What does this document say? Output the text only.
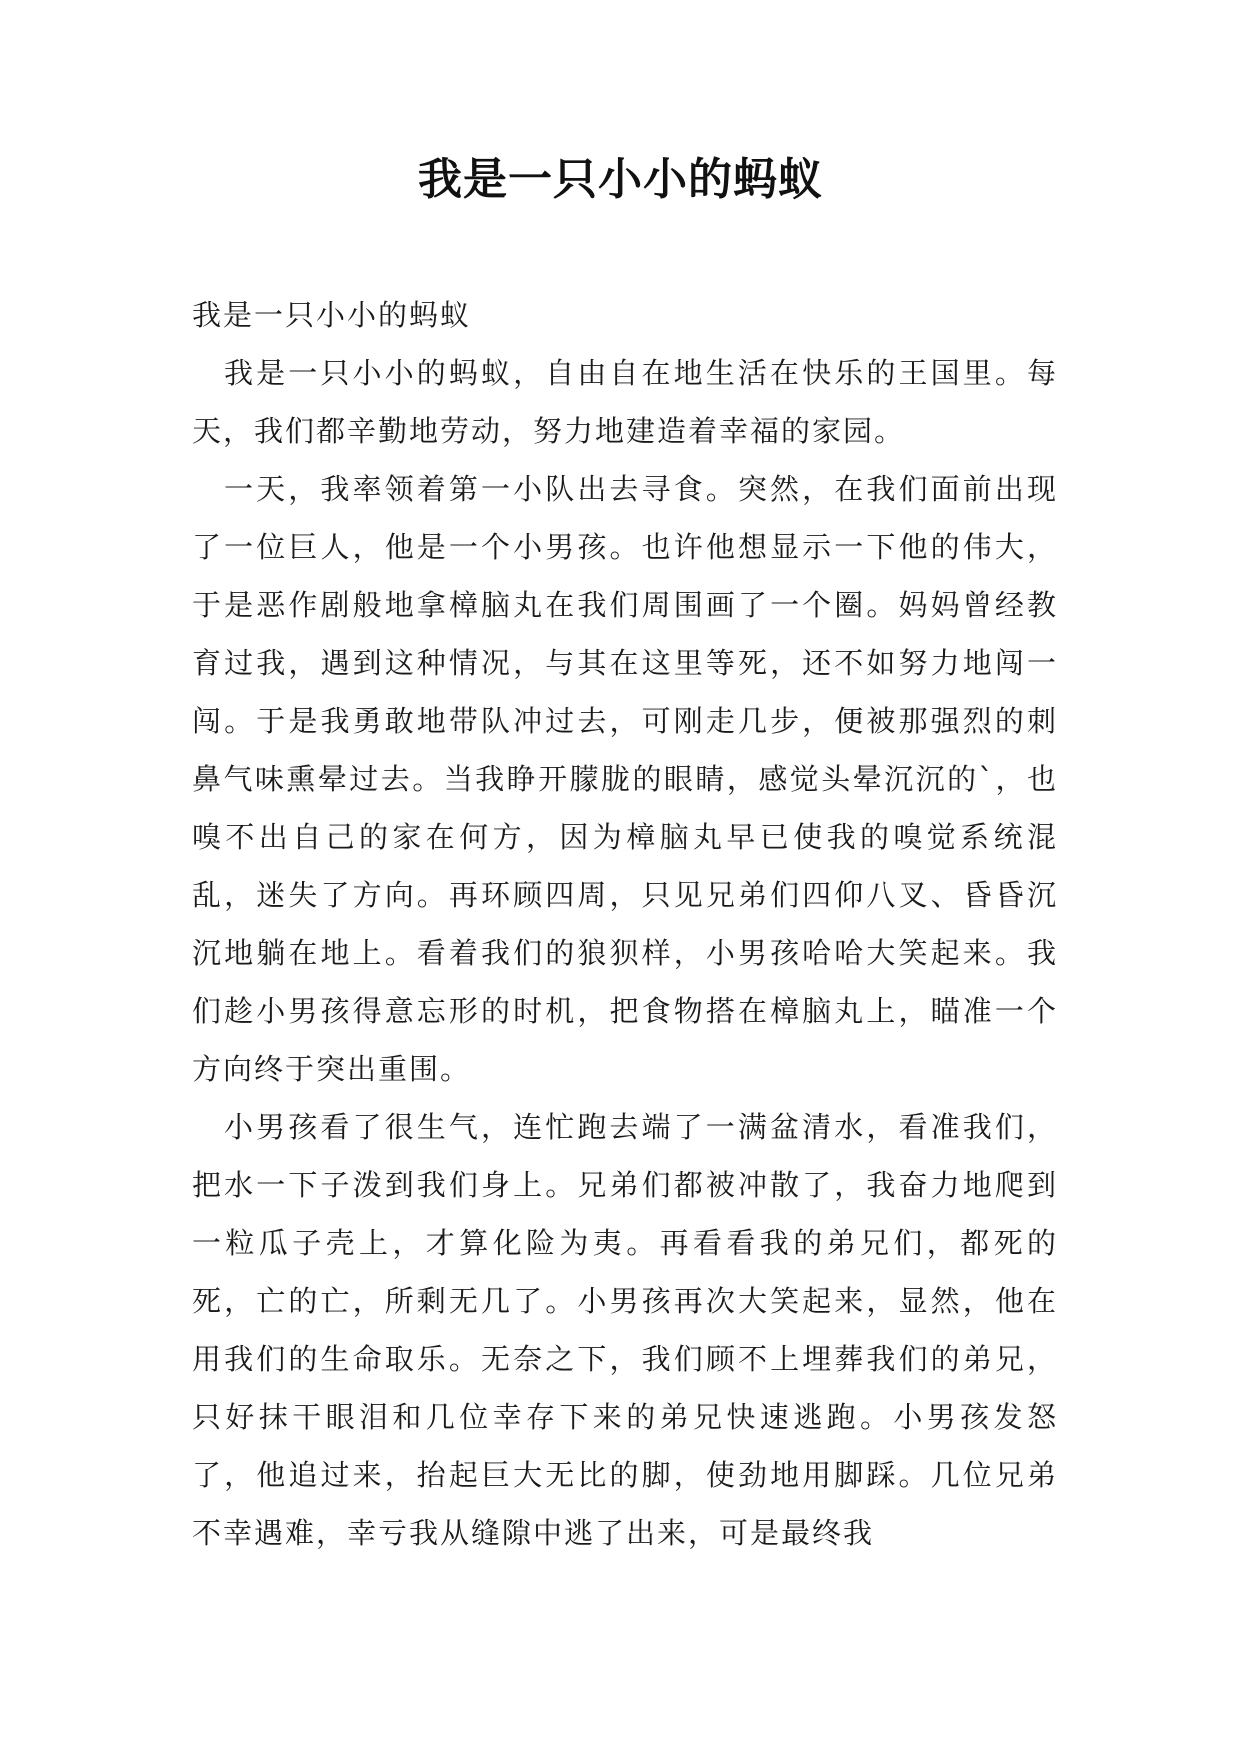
我是一只小小的蚂蚁

我是一只小小的蚂蚁

我是一只小小的蚂蚁，自由自在地生活在快乐的王国里。每天，我们都辛勤地劳动，努力地建造着幸福的家园。

一天，我率领着第一小队出去寻食。突然，在我们面前出现了一位巨人，他是一个小男孩。也许他想显示一下他的伟大，于是恶作剧般地拿樟脑丸在我们周围画了一个圈。妈妈曾经教育过我，遇到这种情况，与其在这里等死，还不如努力地闯一闯。于是我勇敢地带队冲过去，可刚走几步，便被那强烈的刺鼻气味熏晕过去。当我睁开朦胧的眼睛，感觉头晕沉沉的`，也嗅不出自己的家在何方，因为樟脑丸早已使我的嗅觉系统混乱，迷失了方向。再环顾四周，只见兄弟们四仰八叉、昏昏沉沉地躺在地上。看着我们的狼狈样，小男孩哈哈大笑起来。我们趁小男孩得意忘形的时机，把食物搭在樟脑丸上，瞄准一个方向终于突出重围。

小男孩看了很生气，连忙跑去端了一满盆清水，看准我们，把水一下子泼到我们身上。兄弟们都被冲散了，我奋力地爬到一粒瓜子壳上，才算化险为夷。再看看我的弟兄们，都死的死，亡的亡，所剩无几了。小男孩再次大笑起来，显然，他在用我们的生命取乐。无奈之下，我们顾不上埋葬我们的弟兄，只好抹干眼泪和几位幸存下来的弟兄快速逃跑。小男孩发怒了，他追过来，抬起巨大无比的脚，使劲地用脚踩。几位兄弟不幸遇难，幸亏我从缝隙中逃了出来，可是最终我
